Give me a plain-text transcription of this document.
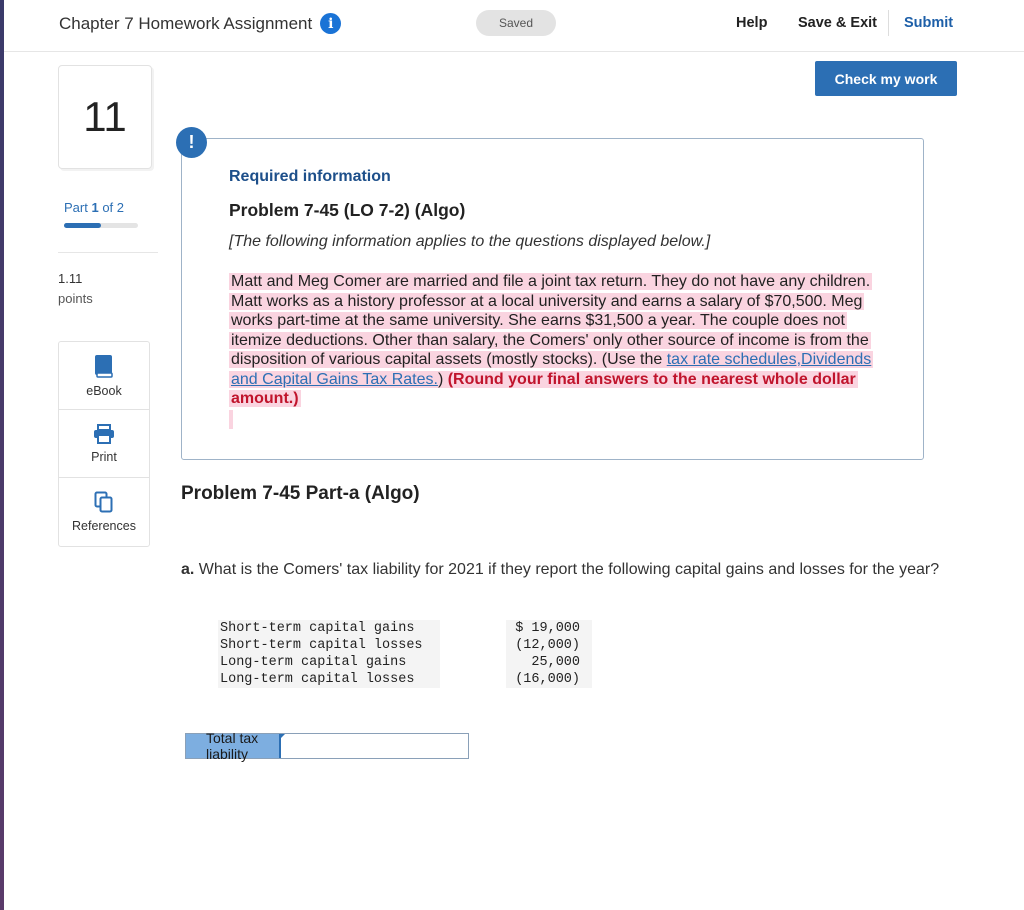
Chapter 7 Homework Assignment	i	Saved	Help Save & Exit Submit
Check my work
11
Part 1 of 2
1.11
points
eBook
Print
References
!
Required information
Problem 7-45 (LO 7-2) (Algo)
[The following information applies to the questions displayed below.]
Matt and Meg Comer are married and file a joint tax return. They do not have any children. Matt works as a history professor at a local university and earns a salary of $70,500. Meg works part-time at the same university. She earns $31,500 a year. The couple does not itemize deductions. Other than salary, the Comers' only other source of income is from the disposition of various capital assets (mostly stocks). (Use the tax rate schedules,Dividends and Capital Gains Tax Rates.) (Round your final answers to the nearest whole dollar amount.)
Problem 7-45 Part-a (Algo)
a. What is the Comers' tax liability for 2021 if they report the following capital gains and losses for the year?
Short-term capital gains		$ 19,000
Short-term capital losses		(12,000)
Long-term capital gains		25,000
Long-term capital losses		(16,000)
Total tax liability
